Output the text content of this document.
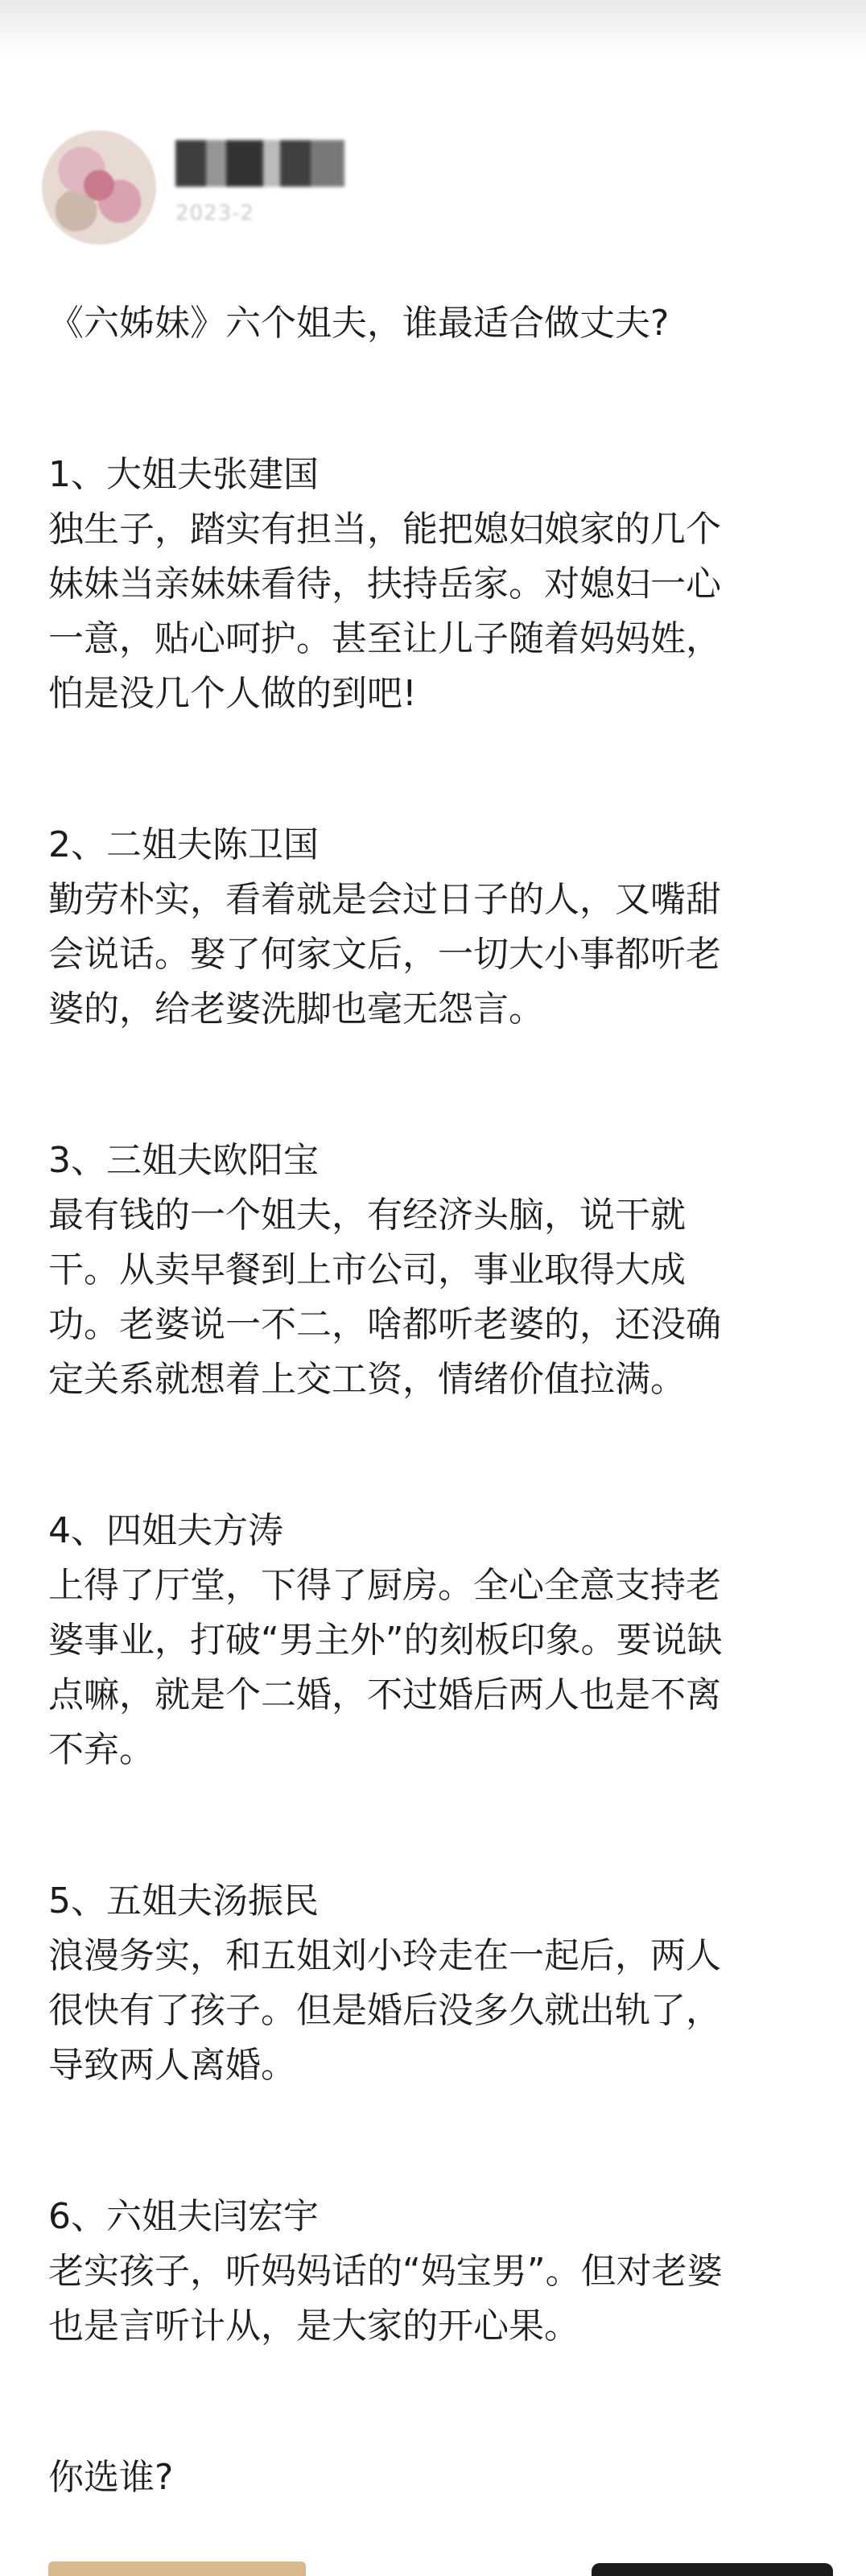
2023-2
《六姊妹》六个姐夫，谁最适合做丈夫?
1、大姐夫张建国
独生子，踏实有担当，能把媳妇娘家的几个
妹妹当亲妹妹看待，扶持岳家。对媳妇一心
一意，贴心呵护。甚至让儿子随着妈妈姓，
怕是没几个人做的到吧!
2、二姐夫陈卫国
勤劳朴实，看着就是会过日子的人，又嘴甜
会说话。娶了何家文后，一切大小事都听老
婆的，给老婆洗脚也毫无怨言。
3、三姐夫欧阳宝
最有钱的一个姐夫，有经济头脑，说干就
干。从卖早餐到上市公司，事业取得大成
功。老婆说一不二，啥都听老婆的，还没确
定关系就想着上交工资，情绪价值拉满。
4、四姐夫方涛
上得了厅堂，下得了厨房。全心全意支持老
婆事业，打破“男主外”的刻板印象。要说缺
点嘛，就是个二婚，不过婚后两人也是不离
不弃。
5、五姐夫汤振民
浪漫务实，和五姐刘小玲走在一起后，两人
很快有了孩子。但是婚后没多久就出轨了，
导致两人离婚。
6、六姐夫闫宏宇
老实孩子，听妈妈话的“妈宝男”。但对老婆
也是言听计从，是大家的开心果。
你选谁?
